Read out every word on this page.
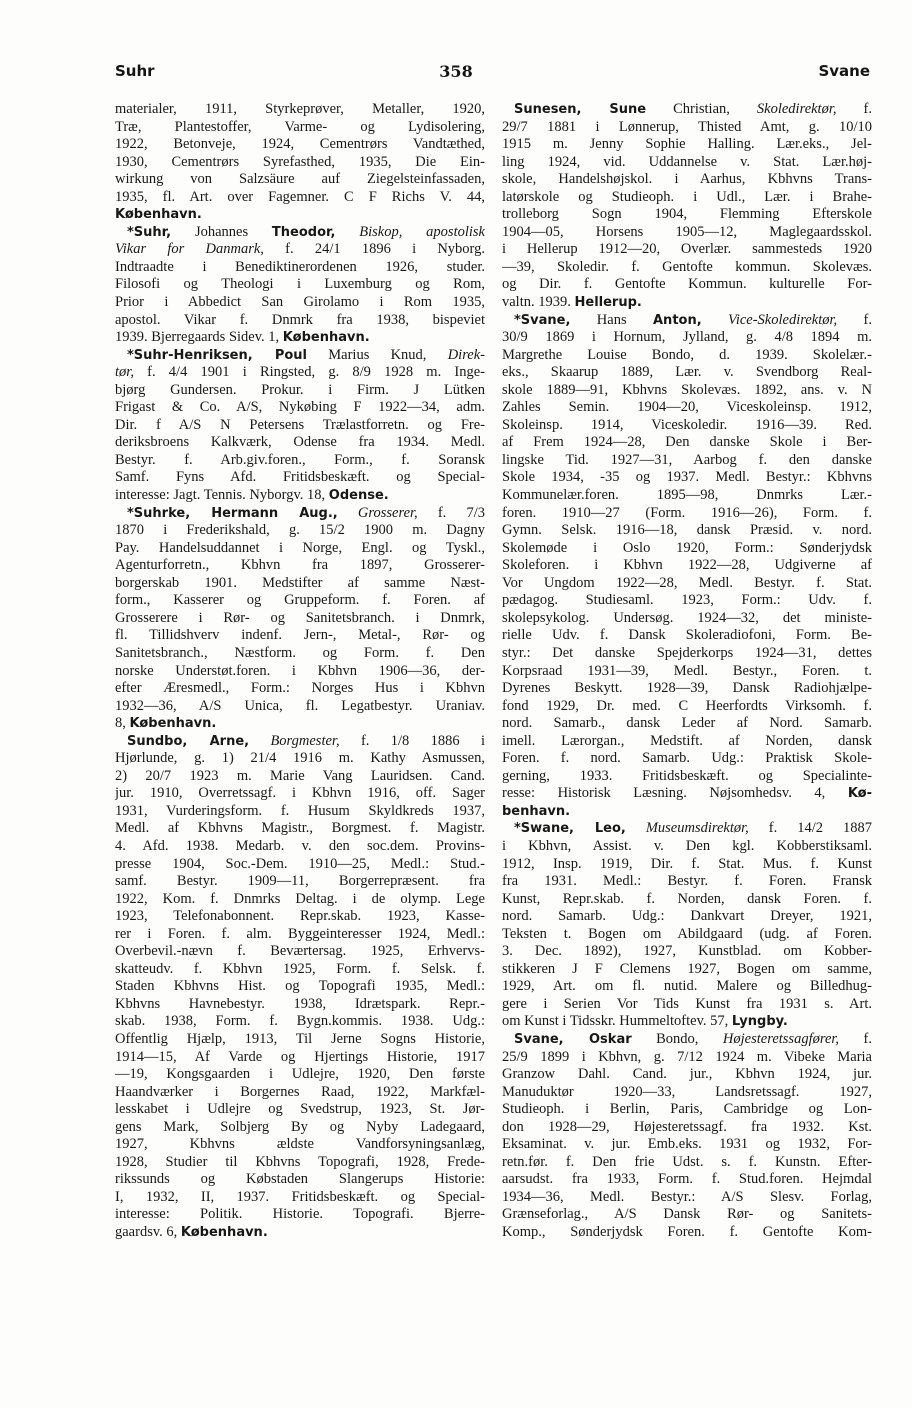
Suhr	358	Svane
materialer, 1911, Styrkeprøver, Metaller, 1920,
Træ, Plantestoffer, Varme- og Lydisolering,
1922, Betonveje, 1924, Cementrørs Vandtæthed,
1930, Cementrørs Syrefasthed, 1935, Die Ein-
wirkung von Salzsäure auf Ziegelsteinfassaden,
1935, fl. Art. over Fagemner. C F Richs V. 44,
København.
*Suhr, Johannes Theodor, Biskop, apostolisk
Vikar for Danmark, f. 24/1 1896 i Nyborg.
Indtraadte i Benediktinerordenen 1926, studer.
Filosofi og Theologi i Luxemburg og Rom,
Prior i Abbedict San Girolamo i Rom 1935,
apostol. Vikar f. Dnmrk fra 1938, bispeviet
1939. Bjerregaards Sidev. 1, København.
*Suhr-Henriksen, Poul Marius Knud, Direk-
tør, f. 4/4 1901 i Ringsted, g. 8/9 1928 m. Inge-
bjørg Gundersen. Prokur. i Firm. J Lütken
Frigast & Co. A/S, Nykøbing F 1922—34, adm.
Dir. f A/S N Petersens Trælastforretn. og Fre-
deriksbroens Kalkværk, Odense fra 1934. Medl.
Bestyr. f. Arb.giv.foren., Form., f. Soransk
Samf. Fyns Afd. Fritidsbeskæft. og Special-
interesse: Jagt. Tennis. Nyborgv. 18, Odense.
*Suhrke, Hermann Aug., Grosserer, f. 7/3
1870 i Frederikshald, g. 15/2 1900 m. Dagny
Pay. Handelsuddannet i Norge, Engl. og Tyskl.,
Agenturforretn., Kbhvn fra 1897, Grosserer-
borgerskab 1901. Medstifter af samme Næst-
form., Kasserer og Gruppeform. f. Foren. af
Grosserere i Rør- og Sanitetsbranch. i Dnmrk,
fl. Tillidshverv indenf. Jern-, Metal-, Rør- og
Sanitetsbranch., Næstform. og Form. f. Den
norske Understøt.foren. i Kbhvn 1906—36, der-
efter Æresmedl., Form.: Norges Hus i Kbhvn
1932—36, A/S Unica, fl. Legatbestyr. Uraniav.
8, København.
Sundbo, Arne, Borgmester, f. 1/8 1886 i
Hjørlunde, g. 1) 21/4 1916 m. Kathy Asmussen,
2) 20/7 1923 m. Marie Vang Lauridsen. Cand.
jur. 1910, Overretssagf. i Kbhvn 1916, off. Sager
1931, Vurderingsform. f. Husum Skyldkreds 1937,
Medl. af Kbhvns Magistr., Borgmest. f. Magistr.
4. Afd. 1938. Medarb. v. den soc.dem. Provins-
presse 1904, Soc.-Dem. 1910—25, Medl.: Stud.-
samf. Bestyr. 1909—11, Borgerrepræsent. fra
1922, Kom. f. Dnmrks Deltag. i de olymp. Lege
1923, Telefonabonnent. Repr.skab. 1923, Kasse-
rer i Foren. f. alm. Byggeinteresser 1924, Medl.:
Overbevil.-nævn f. Beværtersag. 1925, Erhvervs-
skatteudv. f. Kbhvn 1925, Form. f. Selsk. f.
Staden Kbhvns Hist. og Topografi 1935, Medl.:
Kbhvns Havnebestyr. 1938, Idrætspark. Repr.-
skab. 1938, Form. f. Bygn.kommis. 1938. Udg.:
Offentlig Hjælp, 1913, Til Jerne Sogns Historie,
1914—15, Af Varde og Hjertings Historie, 1917
—19, Kongsgaarden i Udlejre, 1920, Den første
Haandværker i Borgernes Raad, 1922, Markfæl-
lesskabet i Udlejre og Svedstrup, 1923, St. Jør-
gens Mark, Solbjerg By og Nyby Ladegaard,
1927, Kbhvns ældste Vandforsyningsanlæg,
1928, Studier til Kbhvns Topografi, 1928, Frede-
rikssunds og Købstaden Slangerups Historie:
I, 1932, II, 1937. Fritidsbeskæft. og Special-
interesse: Politik. Historie. Topografi. Bjerre-
gaardsv. 6, København.
Sunesen, Sune Christian, Skoledirektør, f.
29/7 1881 i Lønnerup, Thisted Amt, g. 10/10
1915 m. Jenny Sophie Halling. Lær.eks., Jel-
ling 1924, vid. Uddannelse v. Stat. Lær.høj-
skole, Handelshøjskol. i Aarhus, Kbhvns Trans-
latørskole og Studieoph. i Udl., Lær. i Brahe-
trolleborg Sogn 1904, Flemming Efterskole
1904—05, Horsens 1905—12, Maglegaardsskol.
i Hellerup 1912—20, Overlær. sammesteds 1920
—39, Skoledir. f. Gentofte kommun. Skolevæs.
og Dir. f. Gentofte Kommun. kulturelle For-
valtn. 1939. Hellerup.
*Svane, Hans Anton, Vice-Skoledirektør, f.
30/9 1869 i Hornum, Jylland, g. 4/8 1894 m.
Margrethe Louise Bondo, d. 1939. Skolelær.-
eks., Skaarup 1889, Lær. v. Svendborg Real-
skole 1889—91, Kbhvns Skolevæs. 1892, ans. v. N
Zahles Semin. 1904—20, Viceskoleinsp. 1912,
Skoleinsp. 1914, Viceskoledir. 1916—39. Red.
af Frem 1924—28, Den danske Skole i Ber-
lingske Tid. 1927—31, Aarbog f. den danske
Skole 1934, -35 og 1937. Medl. Bestyr.: Kbhvns
Kommunelær.foren. 1895—98, Dnmrks Lær.-
foren. 1910—27 (Form. 1916—26), Form. f.
Gymn. Selsk. 1916—18, dansk Præsid. v. nord.
Skolemøde i Oslo 1920, Form.: Sønderjydsk
Skoleforen. i Kbhvn 1922—28, Udgiverne af
Vor Ungdom 1922—28, Medl. Bestyr. f. Stat.
pædagog. Studiesaml. 1923, Form.: Udv. f.
skolepsykolog. Undersøg. 1924—32, det ministe-
rielle Udv. f. Dansk Skoleradiofoni, Form. Be-
styr.: Det danske Spejderkorps 1924—31, dettes
Korpsraad 1931—39, Medl. Bestyr., Foren. t.
Dyrenes Beskytt. 1928—39, Dansk Radiohjælpe-
fond 1929, Dr. med. C Heerfordts Virksomh. f.
nord. Samarb., dansk Leder af Nord. Samarb.
imell. Lærorgan., Medstift. af Norden, dansk
Foren. f. nord. Samarb. Udg.: Praktisk Skole-
gerning, 1933. Fritidsbeskæft. og Specialinte-
resse: Historisk Læsning. Nøjsomhedsv. 4, Kø-
benhavn.
*Swane, Leo, Museumsdirektør, f. 14/2 1887
i Kbhvn, Assist. v. Den kgl. Kobberstiksaml.
1912, Insp. 1919, Dir. f. Stat. Mus. f. Kunst
fra 1931. Medl.: Bestyr. f. Foren. Fransk
Kunst, Repr.skab. f. Norden, dansk Foren. f.
nord. Samarb. Udg.: Dankvart Dreyer, 1921,
Teksten t. Bogen om Abildgaard (udg. af Foren.
3. Dec. 1892), 1927, Kunstblad. om Kobber-
stikkeren J F Clemens 1927, Bogen om samme,
1929, Art. om fl. nutid. Malere og Billedhug-
gere i Serien Vor Tids Kunst fra 1931 s. Art.
om Kunst i Tidsskr. Hummeltoftev. 57, Lyngby.
Svane, Oskar Bondo, Højesteretssagfører, f.
25/9 1899 i Kbhvn, g. 7/12 1924 m. Vibeke Maria
Granzow Dahl. Cand. jur., Kbhvn 1924, jur.
Manuduktør 1920—33, Landsretssagf. 1927,
Studieoph. i Berlin, Paris, Cambridge og Lon-
don 1928—29, Højesteretssagf. fra 1932. Kst.
Eksaminat. v. jur. Emb.eks. 1931 og 1932, For-
retn.før. f. Den frie Udst. s. f. Kunstn. Efter-
aarsudst. fra 1933, Form. f. Stud.foren. Hejmdal
1934—36, Medl. Bestyr.: A/S Slesv. Forlag,
Grænseforlag., A/S Dansk Rør- og Sanitets-
Komp., Sønderjydsk Foren. f. Gentofte Kom-
